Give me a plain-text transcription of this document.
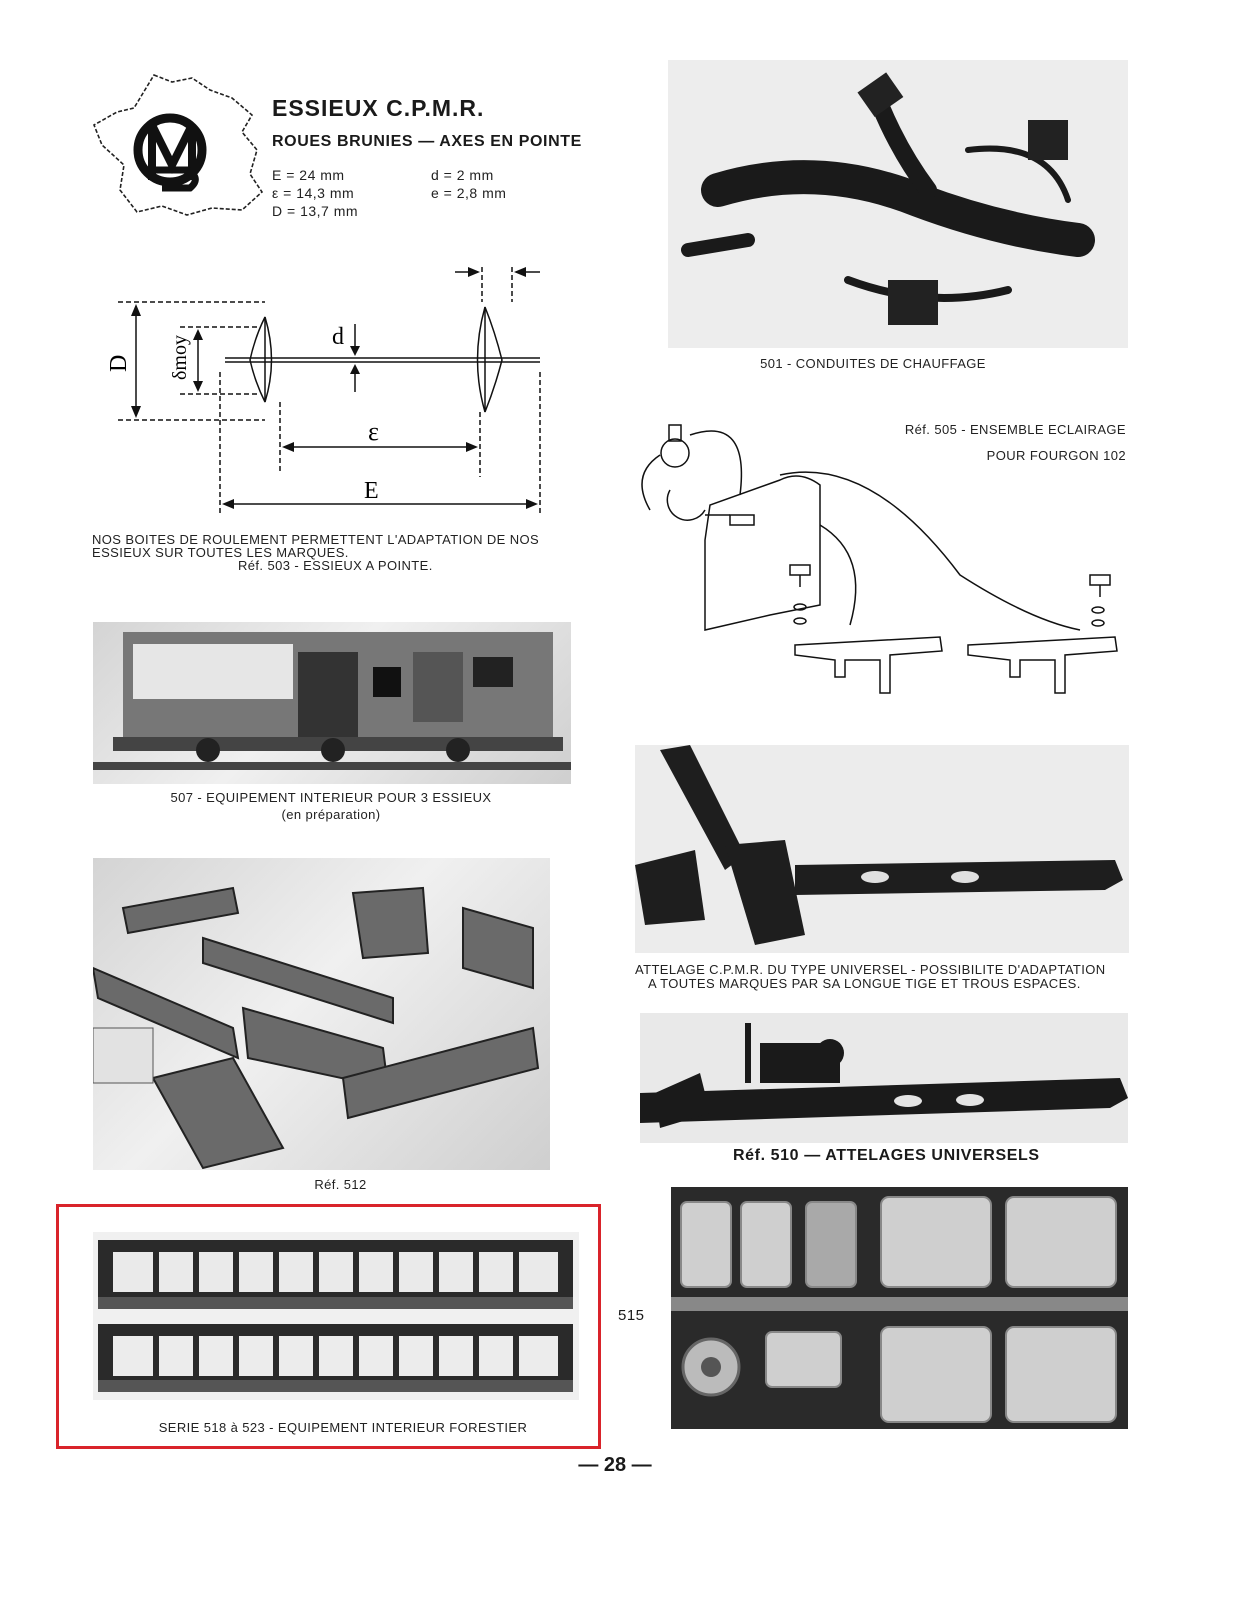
ESSIEUX C.P.M.R.
ROUES BRUNIES — AXES EN POINTE
E = 24 mm
ε = 14,3 mm
D = 13,7 mm
d = 2 mm
e = 2,8 mm
D δmoy	d
ε
E
NOS BOITES DE ROULEMENT PERMETTENT L'ADAPTATION DE NOS
ESSIEUX SUR TOUTES LES MARQUES.
Réf. 503 - ESSIEUX A POINTE.
507 - EQUIPEMENT INTERIEUR POUR 3 ESSIEUX
(en préparation)
Réf. 512
SERIE 518 à 523 - EQUIPEMENT INTERIEUR FORESTIER
501 - CONDUITES DE CHAUFFAGE
Réf. 505 - ENSEMBLE ECLAIRAGE
POUR FOURGON 102
ATTELAGE C.P.M.R. DU TYPE UNIVERSEL - POSSIBILITE D'ADAPTATION
A TOUTES MARQUES PAR SA LONGUE TIGE ET TROUS ESPACES.
Réf. 510 — ATTELAGES UNIVERSELS
515
— 28 —
